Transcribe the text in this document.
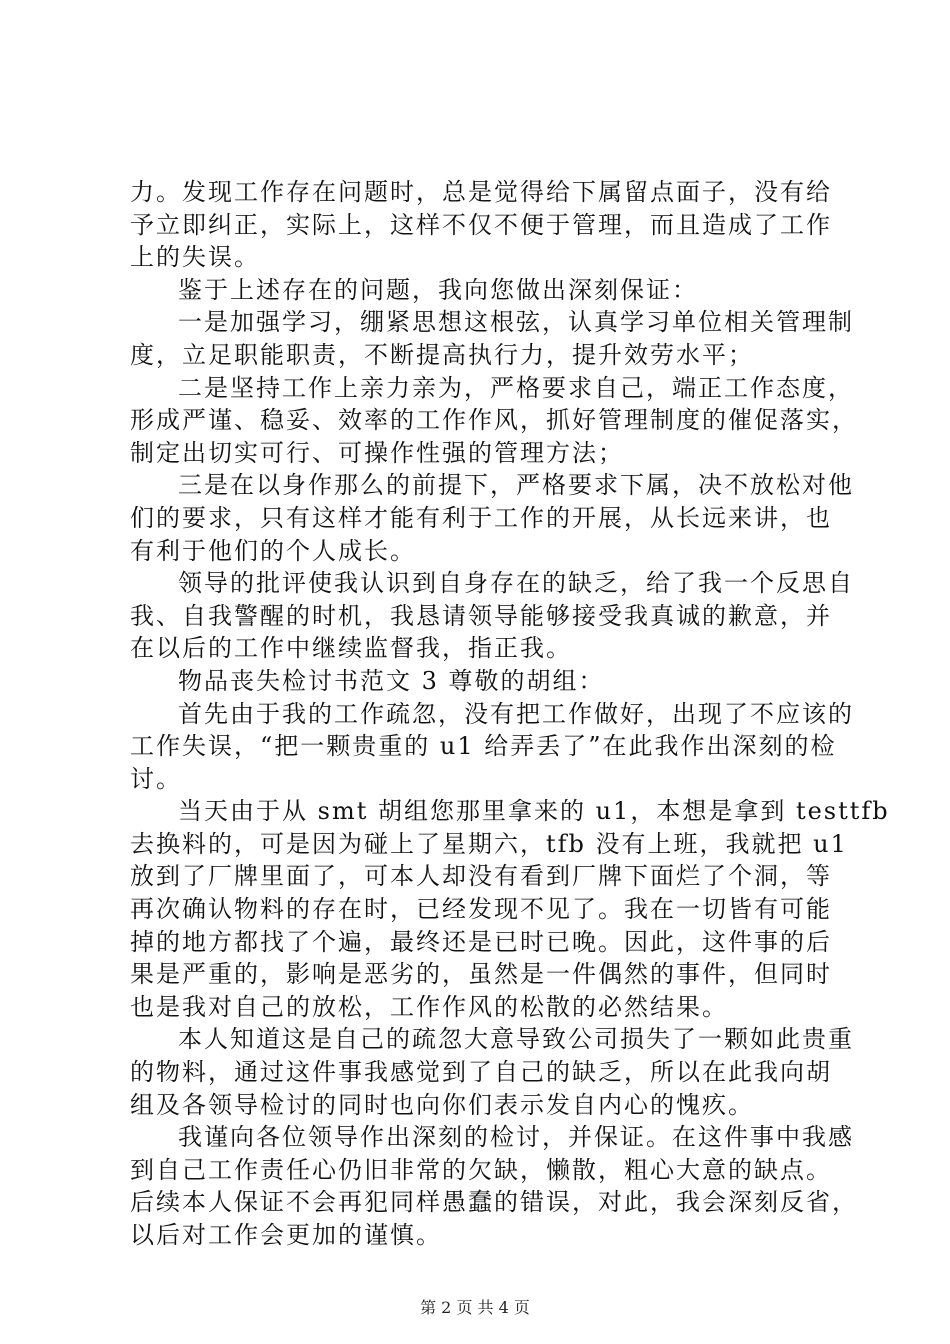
力。发现工作存在问题时，总是觉得给下属留点面子，没有给
予立即纠正，实际上，这样不仅不便于管理，而且造成了工作
上的失误。
鉴于上述存在的问题，我向您做出深刻保证：
一是加强学习，绷紧思想这根弦，认真学习单位相关管理制
度，立足职能职责，不断提高执行力，提升效劳水平；
二是坚持工作上亲力亲为，严格要求自己，端正工作态度，
形成严谨、稳妥、效率的工作作风，抓好管理制度的催促落实，
制定出切实可行、可操作性强的管理方法；
三是在以身作那么的前提下，严格要求下属，决不放松对他
们的要求，只有这样才能有利于工作的开展，从长远来讲，也
有利于他们的个人成长。
领导的批评使我认识到自身存在的缺乏，给了我一个反思自
我、自我警醒的时机，我恳请领导能够接受我真诚的歉意，并
在以后的工作中继续监督我，指正我。
物品丧失检讨书范文 3 尊敬的胡组：
首先由于我的工作疏忽，没有把工作做好，出现了不应该的
工作失误，“把一颗贵重的 u1 给弄丢了”在此我作出深刻的检
讨。
当天由于从 smt 胡组您那里拿来的 u1，本想是拿到 testtfb
去换料的，可是因为碰上了星期六，tfb 没有上班，我就把 u1
放到了厂牌里面了，可本人却没有看到厂牌下面烂了个洞，等
再次确认物料的存在时，已经发现不见了。我在一切皆有可能
掉的地方都找了个遍，最终还是已时已晚。因此，这件事的后
果是严重的，影响是恶劣的，虽然是一件偶然的事件，但同时
也是我对自己的放松，工作作风的松散的必然结果。
本人知道这是自己的疏忽大意导致公司损失了一颗如此贵重
的物料，通过这件事我感觉到了自己的缺乏，所以在此我向胡
组及各领导检讨的同时也向你们表示发自内心的愧疚。
我谨向各位领导作出深刻的检讨，并保证。在这件事中我感
到自己工作责任心仍旧非常的欠缺，懒散，粗心大意的缺点。
后续本人保证不会再犯同样愚蠢的错误，对此，我会深刻反省，
以后对工作会更加的谨慎。
第 2 页 共 4 页
